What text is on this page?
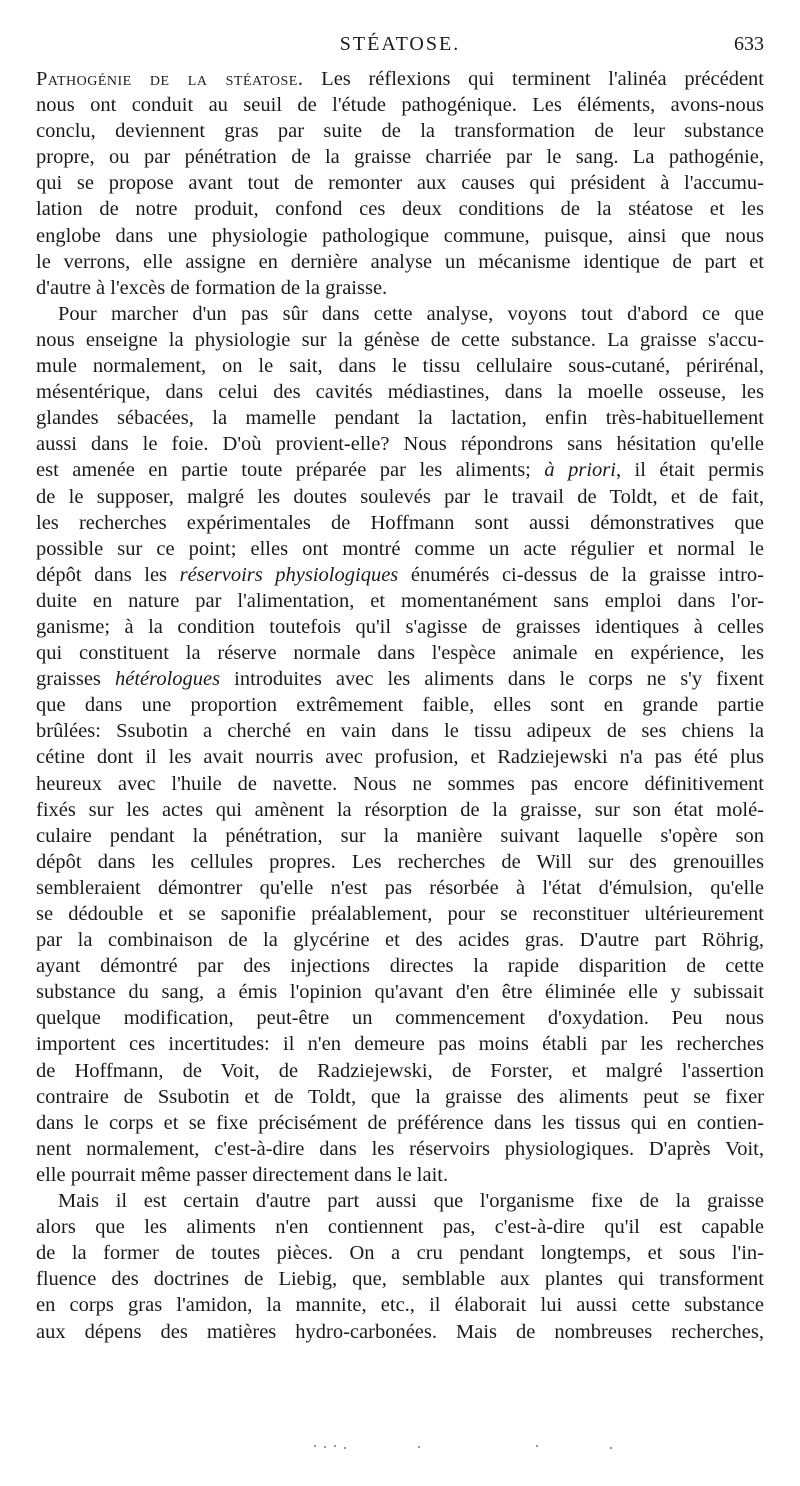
STÉATOSE.	633
Pathogénie de la stéatose. Les réflexions qui terminent l'alinéa précédent
nous ont conduit au seuil de l'étude pathogénique. Les éléments, avons-nous
conclu, deviennent gras par suite de la transformation de leur substance
propre, ou par pénétration de la graisse charriée par le sang. La pathogénie,
qui se propose avant tout de remonter aux causes qui président à l'accumu-
lation de notre produit, confond ces deux conditions de la stéatose et les
englobe dans une physiologie pathologique commune, puisque, ainsi que nous
le verrons, elle assigne en dernière analyse un mécanisme identique de part et
d'autre à l'excès de formation de la graisse.
Pour marcher d'un pas sûr dans cette analyse, voyons tout d'abord ce que
nous enseigne la physiologie sur la génèse de cette substance. La graisse s'accu-
mule normalement, on le sait, dans le tissu cellulaire sous-cutané, périrénal,
mésentérique, dans celui des cavités médiastines, dans la moelle osseuse, les
glandes sébacées, la mamelle pendant la lactation, enfin très-habituellement
aussi dans le foie. D'où provient-elle? Nous répondrons sans hésitation qu'elle
est amenée en partie toute préparée par les aliments; à priori, il était permis
de le supposer, malgré les doutes soulevés par le travail de Toldt, et de fait,
les recherches expérimentales de Hoffmann sont aussi démonstratives que
possible sur ce point; elles ont montré comme un acte régulier et normal le
dépôt dans les réservoirs physiologiques énumérés ci-dessus de la graisse intro-
duite en nature par l'alimentation, et momentanément sans emploi dans l'or-
ganisme; à la condition toutefois qu'il s'agisse de graisses identiques à celles
qui constituent la réserve normale dans l'espèce animale en expérience, les
graisses hétérologues introduites avec les aliments dans le corps ne s'y fixent
que dans une proportion extrêmement faible, elles sont en grande partie
brûlées: Ssubotin a cherché en vain dans le tissu adipeux de ses chiens la
cétine dont il les avait nourris avec profusion, et Radziejewski n'a pas été plus
heureux avec l'huile de navette. Nous ne sommes pas encore définitivement
fixés sur les actes qui amènent la résorption de la graisse, sur son état molé-
culaire pendant la pénétration, sur la manière suivant laquelle s'opère son
dépôt dans les cellules propres. Les recherches de Will sur des grenouilles
sembleraient démontrer qu'elle n'est pas résorbée à l'état d'émulsion, qu'elle
se dédouble et se saponifie préalablement, pour se reconstituer ultérieurement
par la combinaison de la glycérine et des acides gras. D'autre part Röhrig,
ayant démontré par des injections directes la rapide disparition de cette
substance du sang, a émis l'opinion qu'avant d'en être éliminée elle y subissait
quelque modification, peut-être un commencement d'oxydation. Peu nous
importent ces incertitudes: il n'en demeure pas moins établi par les recherches
de Hoffmann, de Voit, de Radziejewski, de Forster, et malgré l'assertion
contraire de Ssubotin et de Toldt, que la graisse des aliments peut se fixer
dans le corps et se fixe précisément de préférence dans les tissus qui en contien-
nent normalement, c'est-à-dire dans les réservoirs physiologiques. D'après Voit,
elle pourrait même passer directement dans le lait.
Mais il est certain d'autre part aussi que l'organisme fixe de la graisse
alors que les aliments n'en contiennent pas, c'est-à-dire qu'il est capable
de la former de toutes pièces. On a cru pendant longtemps, et sous l'in-
fluence des doctrines de Liebig, que, semblable aux plantes qui transforment
en corps gras l'amidon, la mannite, etc., il élaborait lui aussi cette substance
aux dépens des matières hydro-carbonées. Mais de nombreuses recherches,
